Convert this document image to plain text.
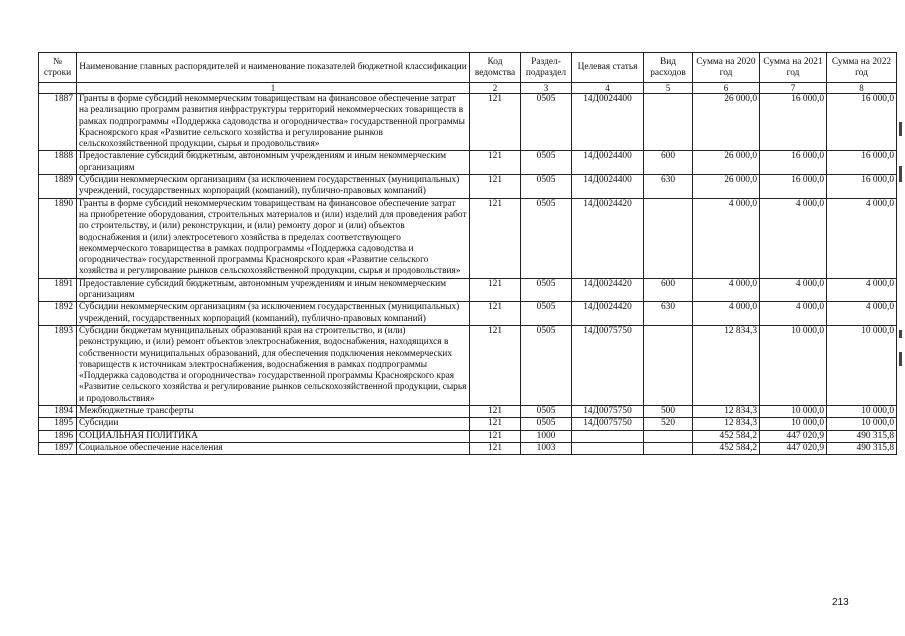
№ строки	Наименование главных распорядителей и наименование показателей бюджетной классификации	Код ведомства	Раздел-подраздел	Целевая статья	Вид расходов	Сумма на 2020 год	Сумма на 2021 год	Сумма на 2022 год
	1	2	3	4	5	6	7	8
1887	Гранты в форме субсидий некоммерческим товариществам на финансовое обеспечение затрат на реализацию программ развития инфраструктуры территорий некоммерческих товариществ в рамках подпрограммы «Поддержка садоводства и огородничества» государственной программы Красноярского края «Развитие сельского хозяйства и регулирование рынков сельскохозяйственной продукции, сырья и продовольствия»	121	0505	14Д0024400		26 000,0	16 000,0	16 000,0
1888	Предоставление субсидий бюджетным, автономным учреждениям и иным некоммерческим организациям	121	0505	14Д0024400	600	26 000,0	16 000,0	16 000,0
1889	Субсидии некоммерческим организациям (за исключением государственных (муниципальных) учреждений, государственных корпораций (компаний), публично-правовых компаний)	121	0505	14Д0024400	630	26 000,0	16 000,0	16 000,0
1890	Гранты в форме субсидий некоммерческим товариществам на финансовое обеспечение затрат на приобретение оборудования, строительных материалов и (или) изделий для проведения работ по строительству, и (или) реконструкции, и (или) ремонту дорог и (или) объектов водоснабжения и (или) электросетевого хозяйства в пределах соответствующего некоммерческого товарищества в рамках подпрограммы «Поддержка садоводства и огородничества» государственной программы Красноярского края «Развитие сельского хозяйства и регулирование рынков сельскохозяйственной продукции, сырья и продовольствия»	121	0505	14Д0024420		4 000,0	4 000,0	4 000,0
1891	Предоставление субсидий бюджетным, автономным учреждениям и иным некоммерческим организациям	121	0505	14Д0024420	600	4 000,0	4 000,0	4 000,0
1892	Субсидии некоммерческим организациям (за исключением государственных (муниципальных) учреждений, государственных корпораций (компаний), публично-правовых компаний)	121	0505	14Д0024420	630	4 000,0	4 000,0	4 000,0
1893	Субсидии бюджетам муниципальных образований края на строительство, и (или) реконструкцию, и (или) ремонт объектов электроснабжения, водоснабжения, находящихся в собственности муниципальных образований, для обеспечения подключения некоммерческих товариществ к источникам электроснабжения, водоснабжения в рамках подпрограммы «Поддержка садоводства и огородничества» государственной программы Красноярского края «Развитие сельского хозяйства и регулирование рынков сельскохозяйственной продукции, сырья и продовольствия»	121	0505	14Д0075750		12 834,3	10 000,0	10 000,0
1894	Межбюджетные трансферты	121	0505	14Д0075750	500	12 834,3	10 000,0	10 000,0
1895	Субсидии	121	0505	14Д0075750	520	12 834,3	10 000,0	10 000,0
1896	СОЦИАЛЬНАЯ ПОЛИТИКА	121	1000			452 584,2	447 020,9	490 315,8
1897	Социальное обеспечение населения	121	1003			452 584,2	447 020,9	490 315,8
213
